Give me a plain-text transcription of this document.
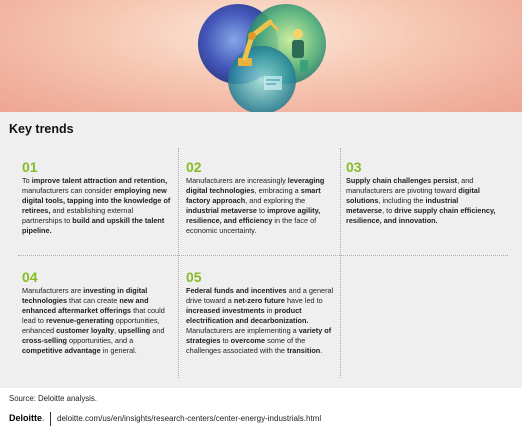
Key trends
01
To improve talent attraction and retention, manufacturers can consider employing new digital tools, tapping into the knowledge of retirees, and establishing external partnerships to build and upskill the talent pipeline.
02
Manufacturers are increasingly leveraging digital technologies, embracing a smart factory approach, and exploring the industrial metaverse to improve agility, resilience, and efficiency in the face of economic uncertainty.
03
Supply chain challenges persist, and manufacturers are pivoting toward digital solutions, including the industrial metaverse, to drive supply chain efficiency, resilience, and innovation.
04
Manufacturers are investing in digital technologies that can create new and enhanced aftermarket offerings that could lead to revenue-generating opportunities, enhanced customer loyalty, upselling and cross-selling opportunities, and a competitive advantage in general.
05
Federal funds and incentives and a general drive toward a net-zero future have led to increased investments in product electrification and decarbonization. Manufacturers are implementing a variety of strategies to overcome some of the challenges associated with the transition.
Source: Deloitte analysis.
Deloitte. deloitte.com/us/en/insights/research-centers/center-energy-industrials.html
